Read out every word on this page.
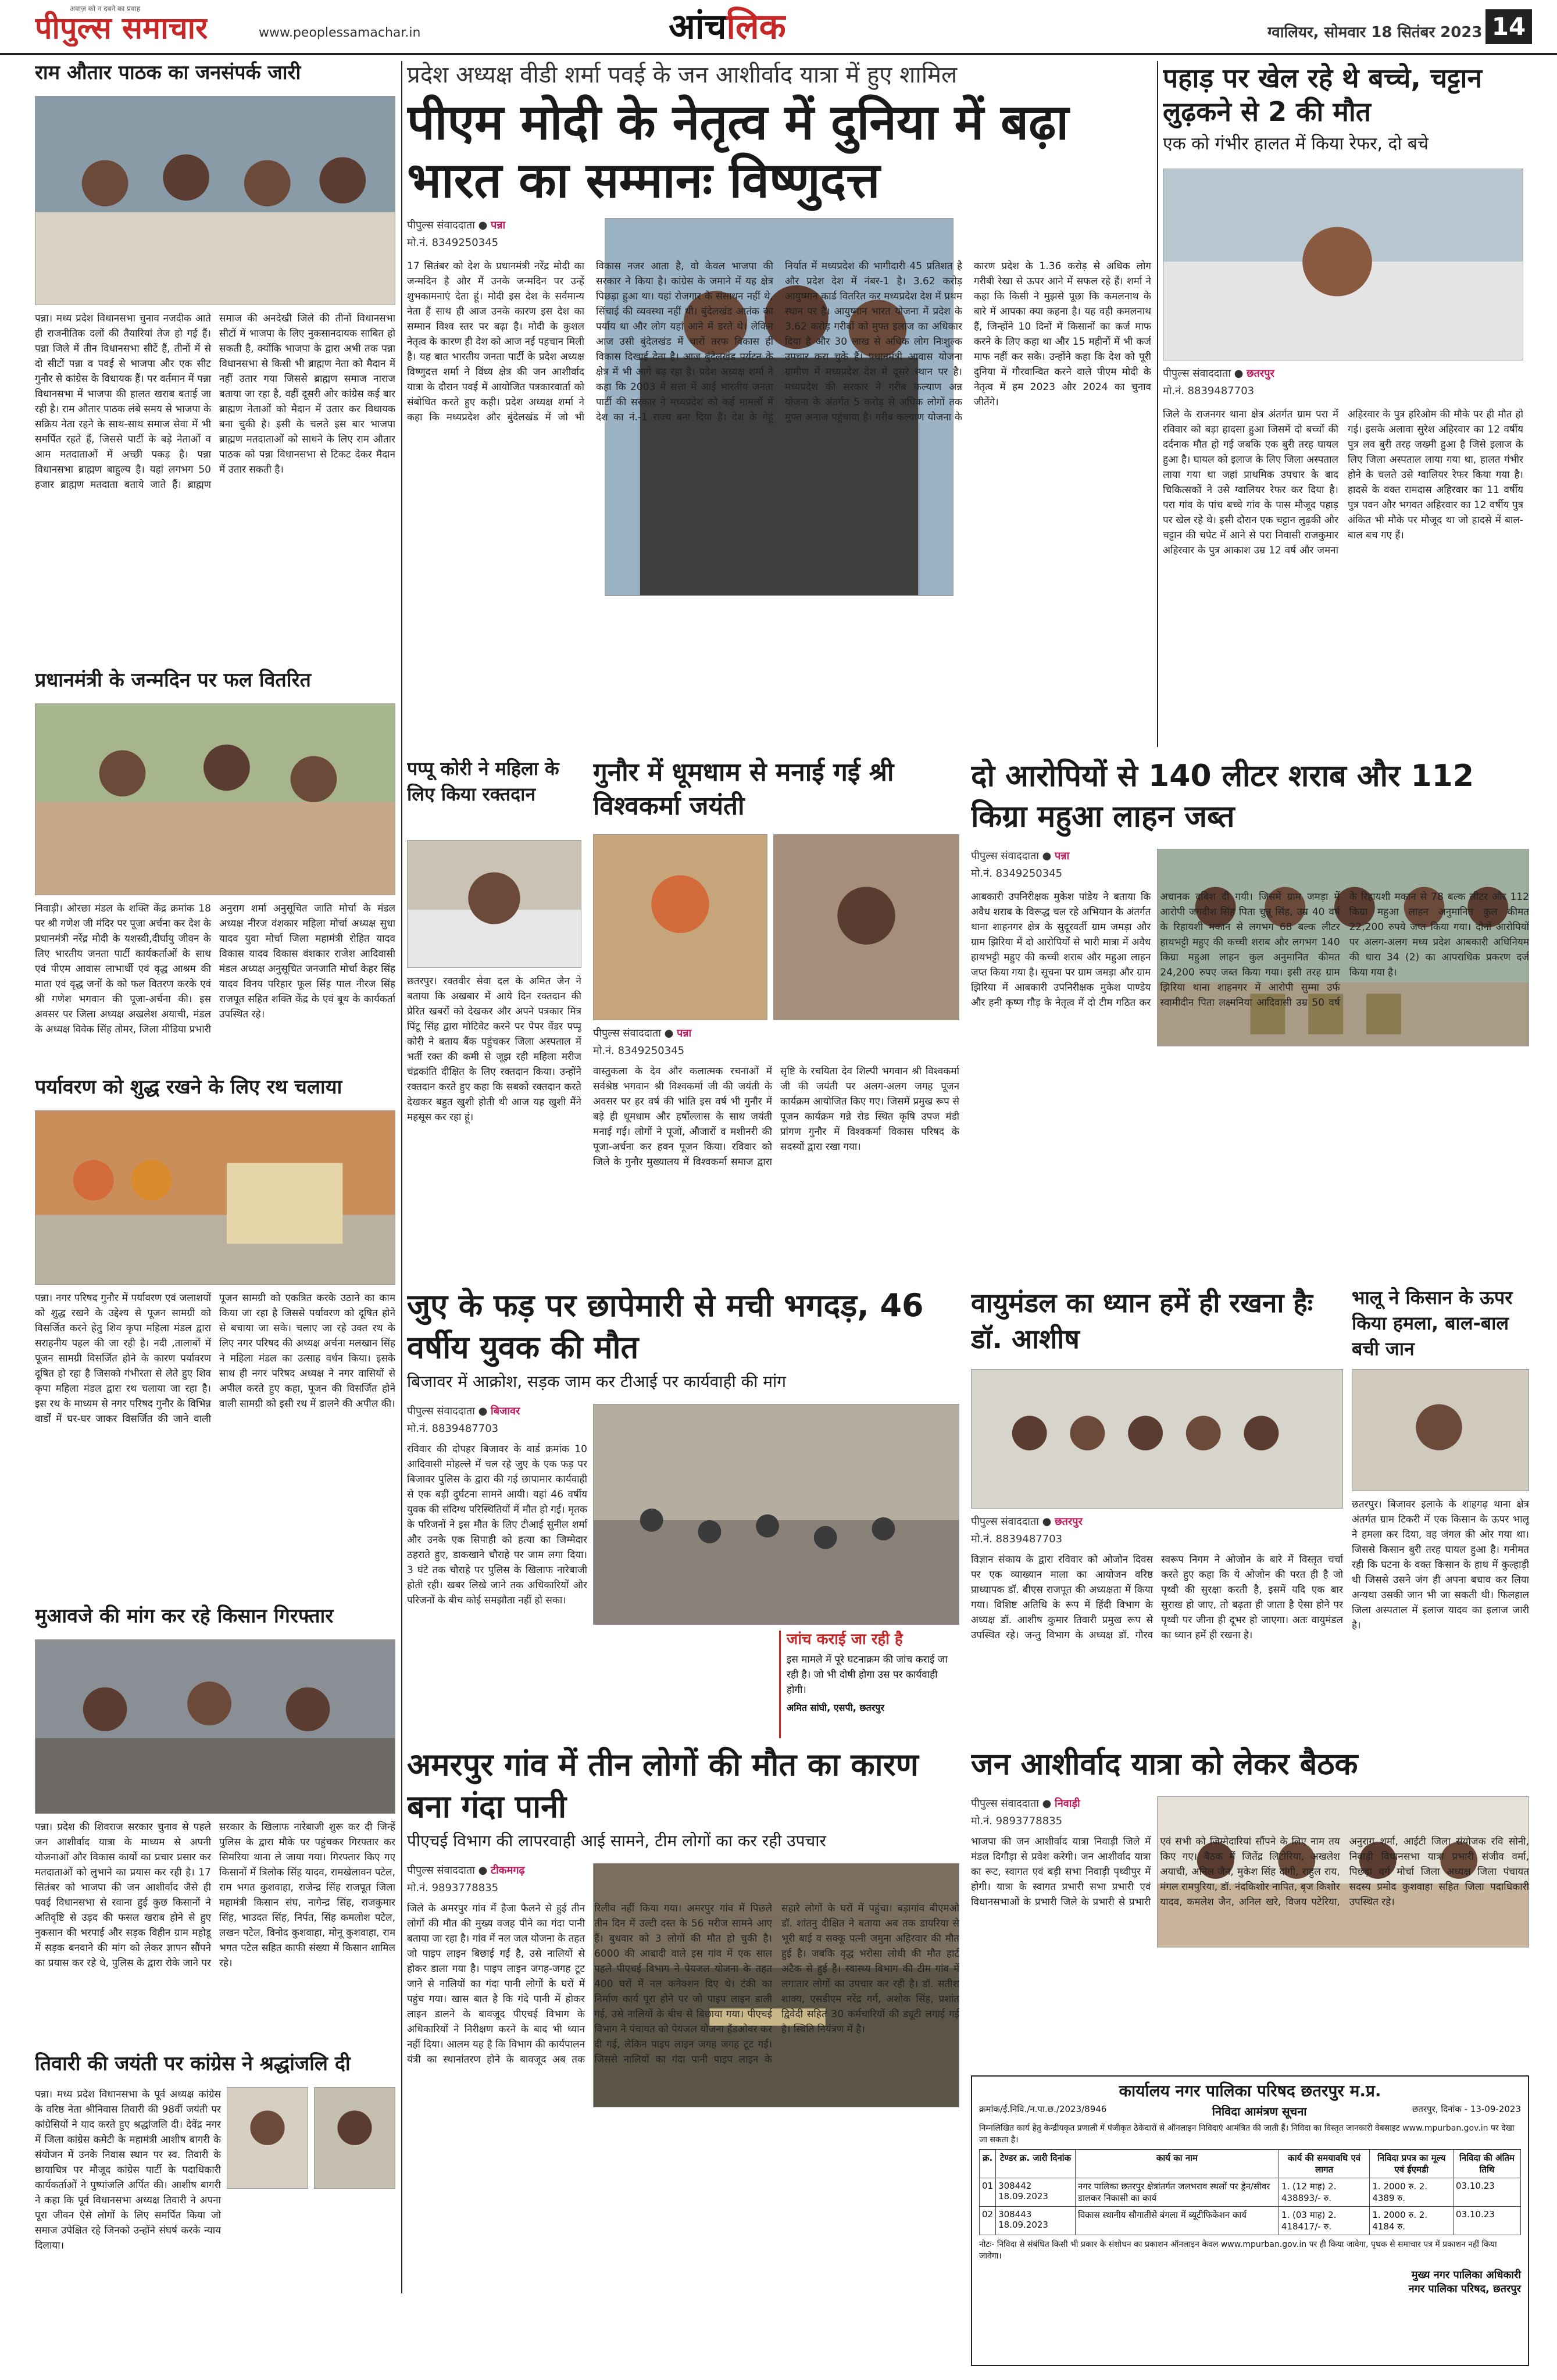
अवाज़ को न दबने का प्रवाह
पीपुल्स समाचार	www.peoplessamachar.in	आंचलिक	ग्वालियर, सोमवार 18 सितंबर 2023 14
राम औतार पाठक का जनसंपर्क जारी
पन्ना। मध्य प्रदेश विधानसभा चुनाव नजदीक आते ही राजनीतिक दलों की तैयारियां तेज हो गई हैं। पन्ना जिले में तीन विधानसभा सीटें हैं, तीनों में से दो सीटों पन्ना व पवई से भाजपा और एक सीट गुनौर से कांग्रेस के विधायक हैं। पर वर्तमान में पन्ना विधानसभा में भाजपा की हालत खराब बताई जा रही है। राम औतार पाठक लंबे समय से भाजपा के सक्रिय नेता रहने के साथ-साथ समाज सेवा में भी समर्पित रहते हैं, जिससे पार्टी के बड़े नेताओं व आम मतदाताओं में अच्छी पकड़ है। पन्ना विधानसभा ब्राह्मण बाहुल्य है। यहां लगभग 50 हजार ब्राह्मण मतदाता बताये जाते हैं। ब्राह्मण समाज की अनदेखी जिले की तीनों विधानसभा सीटों में भाजपा के लिए नुकसानदायक साबित हो सकती है, क्योंकि भाजपा के द्वारा अभी तक पन्ना विधानसभा से किसी भी ब्राह्मण नेता को मैदान में नहीं उतार गया जिससे ब्राह्मण समाज नाराज बताया जा रहा है, वहीं दूसरी ओर कांग्रेस कई बार ब्राह्मण नेताओं को मैदान में उतार कर विधायक बना चुकी है। इसी के चलते इस बार भाजपा ब्राह्मण मतदाताओं को साधने के लिए राम औतार पाठक को पन्ना विधानसभा से टिकट देकर मैदान में उतार सकती है।
प्रधानमंत्री के जन्मदिन पर फल वितरित
निवाड़ी। ओरछा मंडल के शक्ति केंद्र क्रमांक 18 पर श्री गणेश जी मंदिर पर पूजा अर्चना कर देश के प्रधानमंत्री नरेंद्र मोदी के यशस्वी,दीर्घायु जीवन के लिए भारतीय जनता पार्टी कार्यकर्ताओं के साथ एवं पीएम आवास लाभार्थी एवं वृद्ध आश्रम की माता एवं वृद्ध जनों के को फल वितरण करके एवं श्री गणेश भगवान की पूजा-अर्चना की। इस अवसर पर जिला अध्यक्ष अखलेश अयाची, मंडल के अध्यक्ष विवेक सिंह तोमर, जिला मीडिया प्रभारी अनुराग शर्मा अनुसूचित जाति मोर्चा के मंडल अध्यक्ष नीरज वंशकार महिला मोर्चा अध्यक्ष सुधा यादव युवा मोर्चा जिला महामंत्री रोहित यादव विकास यादव विकास वंशकार राजेश आदिवासी मंडल अध्यक्ष अनुसूचित जनजाति मोर्चा केहर सिंह यादव विनय परिहार फूल सिंह पाल नीरज सिंह राजपूत सहित शक्ति केंद्र के एवं बूथ के कार्यकर्ता उपस्थित रहे।
पर्यावरण को शुद्ध रखने के लिए रथ चलाया
पन्ना। नगर परिषद गुनौर में पर्यावरण एवं जलाशयों को शुद्ध रखने के उद्देश्य से पूजन सामग्री को विसर्जित करने हेतु शिव कृपा महिला मंडल द्वारा सराहनीय पहल की जा रही है। नदी ,तालाबों में पूजन सामग्री विसर्जित होने के कारण पर्यावरण दूषित हो रहा है जिसको गंभीरता से लेते हुए शिव कृपा महिला मंडल द्वारा रथ चलाया जा रहा है। इस रथ के माध्यम से नगर परिषद गुनौर के विभिन्न वार्डों में घर-घर जाकर विसर्जित की जाने वाली पूजन सामग्री को एकत्रित करके उठाने का काम किया जा रहा है जिससे पर्यावरण को दूषित होने से बचाया जा सके। चलाए जा रहे उक्त रथ के लिए नगर परिषद की अध्यक्ष अर्चना मलखान सिंह ने महिला मंडल का उत्साह वर्धन किया। इसके साथ ही नगर परिषद अध्यक्ष ने नगर वासियों से अपील करते हुए कहा, पूजन की विसर्जित होने वाली सामग्री को इसी रथ में डालने की अपील की।
मुआवजे की मांग कर रहे किसान गिरफ्तार
पन्ना। प्रदेश की शिवराज सरकार चुनाव से पहले जन आशीर्वाद यात्रा के माध्यम से अपनी योजनाओं और विकास कार्यों का प्रचार प्रसार कर मतदाताओं को लुभाने का प्रयास कर रही है। 17 सितंबर को भाजपा की जन आशीर्वाद जैसे ही पवई विधानसभा से रवाना हुई कुछ किसानों ने अतिवृष्टि से उड़द की फसल खराब होने से हुए नुकसान की भरपाई और सड़क विहीन ग्राम महोडू में सड़क बनवाने की मांग को लेकर ज्ञापन सौंपने का प्रयास कर रहे थे, पुलिस के द्वारा रोके जाने पर सरकार के खिलाफ नारेबाजी शुरू कर दी जिन्हें पुलिस के द्वारा मौके पर पहुंचकर गिरफ्तार कर सिमरिया थाना ले जाया गया। गिरफ्तार किए गए किसानों में त्रिलोक सिंह यादव, रामखेलावन पटेल, राम भगत कुशवाहा, राजेन्द्र सिंह राजपूत जिला महामंत्री किसान संघ, नागेन्द्र सिंह, राजकुमार सिंह, भाउदत सिंह, निर्पत, सिंह कमलोश पटेल, लखन पटेल, विनोद कुशवाहा, मोनू कुशवाहा, राम भगत पटेल सहित काफी संख्या में किसान शामिल रहे।
तिवारी की जयंती पर कांग्रेस ने श्रद्धांजलि दी
पन्ना। मध्य प्रदेश विधानसभा के पूर्व अध्यक्ष कांग्रेस के वरिष्ठ नेता श्रीनिवास तिवारी की 98वीं जयंती पर कांग्रेसियों ने याद करते हुए श्रद्धांजलि दी। देवेंद्र नगर में जिला कांग्रेस कमेटी के महामंत्री आशीष बागरी के संयोजन में उनके निवास स्थान पर स्व. तिवारी के छायाचित्र पर मौजूद कांग्रेस पार्टी के पदाधिकारी कार्यकर्ताओं ने पुष्पांजलि अर्पित की। आशीष बागरी ने कहा कि पूर्व विधानसभा अध्यक्ष तिवारी ने अपना पूरा जीवन ऐसे लोगों के लिए समर्पित किया जो समाज उपेक्षित रहे जिनको उन्होंने संघर्ष करके न्याय दिलाया।
प्रदेश अध्यक्ष वीडी शर्मा पवई के जन आशीर्वाद यात्रा में हुए शामिल
पीएम मोदी के नेतृत्व में दुनिया में बढ़ा भारत का सम्मानः विष्णुदत्त
पीपुल्स संवाददाता ● पन्ना
मो.नं. 8349250345
17 सितंबर को देश के प्रधानमंत्री नरेंद्र मोदी का जन्मदिन है और मैं उनके जन्मदिन पर उन्हें शुभकामनाएं देता हूं। मोदी इस देश के सर्वमान्य नेता हैं साथ ही आज उनके कारण इस देश का सम्मान विश्व स्तर पर बढ़ा है। मोदी के कुशल नेतृत्व के कारण ही देश को आज नई पहचान मिली है। यह बात भारतीय जनता पार्टी के प्रदेश अध्यक्ष विष्णुदत्त शर्मा ने विंध्य क्षेत्र की जन आशीर्वाद यात्रा के दौरान पवई में आयोजित पत्रकारवार्ता को संबोधित करते हुए कही। प्रदेश अध्यक्ष शर्मा ने कहा कि मध्यप्रदेश और बुंदेलखंड में जो भी विकास नजर आता है, वो केवल भाजपा की सरकार ने किया है। कांग्रेस के जमाने में यह क्षेत्र पिछड़ा हुआ था। यहां रोजगार के संसाधन नहीं थे, सिंचाई की व्यवस्था नहीं थी। बुंदेलखंड आतंक का पर्याय था और लोग यहां आने में डरते थे। लेकिन आज उसी बुंदेलखंड में चारों तरफ विकास ही विकास दिखाई देता है। आज बुंदेलखंड पर्यटन के क्षेत्र में भी आगे बढ़ रहा है। प्रदेश अध्यक्ष शर्मा ने कहा कि 2003 में सत्ता में आई भारतीय जनता पार्टी की सरकार ने मध्यप्रदेश को कई मामलों में देश का नं.-1 राज्य बना दिया है। देश के गेहूं निर्यात में मध्यप्रदेश की भागीदारी 45 प्रतिशत है और प्रदेश देश में नंबर-1 है। 3.62 करोड़ आयुष्मान कार्ड वितरित कर मध्यप्रदेश देश में प्रथम स्थान पर है। आयुष्मान भारत योजना में प्रदेश के 3.62 करोड़ गरीबों को मुफ्त इलाज का अधिकार दिया है और 30 लाख से अधिक लोग निःशुल्क उपचार करा चुके हैं। प्रधानमंत्री आवास योजना ग्रामीण में मध्यप्रदेश देश में दूसरे स्थान पर है। मध्यप्रदेश की सरकार ने गरीब कल्याण अन्न योजना के अंतर्गत 5 करोड़ से अधिक लोगों तक मुफ्त अनाज पहुंचाया है। गरीब कल्याण योजना के कारण प्रदेश के 1.36 करोड़ से अधिक लोग गरीबी रेखा से ऊपर आने में सफल रहे हैं। शर्मा ने कहा कि किसी ने मुझसे पूछा कि कमलनाथ के बारे में आपका क्या कहना है। यह वही कमलनाथ हैं, जिन्होंने 10 दिनों में किसानों का कर्ज माफ करने के लिए कहा था और 15 महीनों में भी कर्ज माफ नहीं कर सके। उन्होंने कहा कि देश को पूरी दुनिया में गौरवान्वित करने वाले पीएम मोदी के नेतृत्व में हम 2023 और 2024 का चुनाव जीतेंगे।
पहाड़ पर खेल रहे थे बच्चे, चट्टान लुढ़कने से 2 की मौत
एक को गंभीर हालत में किया रेफर, दो बचे
पीपुल्स संवाददाता ● छतरपुर
मो.नं. 8839487703
जिले के राजनगर थाना क्षेत्र अंतर्गत ग्राम परा में रविवार को बड़ा हादसा हुआ जिसमें दो बच्चों की दर्दनाक मौत हो गई जबकि एक बुरी तरह घायल हुआ है। घायल को इलाज के लिए जिला अस्पताल लाया गया था जहां प्राथमिक उपचार के बाद चिकित्सकों ने उसे ग्वालियर रेफर कर दिया है। परा गांव के पांच बच्चे गांव के पास मौजूद पहाड़ पर खेल रहे थे। इसी दौरान एक चट्टान लुढ़की और चट्टान की चपेट में आने से परा निवासी राजकुमार अहिरवार के पुत्र आकाश उम्र 12 वर्ष और जमना अहिरवार के पुत्र हरिओम की मौके पर ही मौत हो गई। इसके अलावा सुरेश अहिरवार का 12 वर्षीय पुत्र लव बुरी तरह जख्मी हुआ है जिसे इलाज के लिए जिला अस्पताल लाया गया था, हालत गंभीर होने के चलते उसे ग्वालियर रेफर किया गया है। हादसे के वक्त रामदास अहिरवार का 11 वर्षीय पुत्र पवन और भगवत अहिरवार का 12 वर्षीय पुत्र अंकित भी मौके पर मौजूद था जो हादसे में बाल-बाल बच गए हैं।
पप्पू कोरी ने महिला के लिए किया रक्तदान
छतरपुर। रक्तवीर सेवा दल के अमित जैन ने बताया कि अखबार में आये दिन रक्तदान की प्रेरित खबरों को देखकर और अपने पत्रकार मित्र पिंटू सिंह द्वारा मोटिवेट करने पर पेपर वेंडर पप्पू कोरी ने बताय बैंक पहुंचकर जिला अस्पताल में भर्ती रक्त की कमी से जूझ रही महिला मरीज चंद्रकांति दीक्षित के लिए रक्तदान किया। उन्होंने रक्तदान करते हुए कहा कि सबको रक्तदान करते देखकर बहुत खुशी होती थी आज यह खुशी मैंने महसूस कर रहा हूं।
गुनौर में धूमधाम से मनाई गई श्री विश्वकर्मा जयंती
पीपुल्स संवाददाता ● पन्ना
मो.नं. 8349250345
वास्तुकला के देव और कलात्मक रचनाओं में सर्वश्रेष्ठ भगवान श्री विश्वकर्मा जी की जयंती के अवसर पर हर वर्ष की भांति इस वर्ष भी गुनौर में बड़े ही धूमधाम और हर्षोल्लास के साथ जयंती मनाई गई। लोगों ने पूजों, औजारों व मशीनरी की पूजा-अर्चना कर हवन पूजन किया। रविवार को जिले के गुनौर मुख्यालय में विश्वकर्मा समाज द्वारा सृष्टि के रचयिता देव शिल्पी भगवान श्री विश्वकर्मा जी की जयंती पर अलग-अलग जगह पूजन कार्यक्रम आयोजित किए गए। जिसमें प्रमुख रूप से पूजन कार्यक्रम गन्ने रोड स्थित कृषि उपज मंडी प्रांगण गुनौर में विश्वकर्मा विकास परिषद के सदस्यों द्वारा रखा गया।
दो आरोपियों से 140 लीटर शराब और 112 किग्रा महुआ लाहन जब्त
पीपुल्स संवाददाता ● पन्ना
मो.नं. 8349250345
आबकारी उपनिरीक्षक मुकेश पांडेय ने बताया कि अवैध शराब के विरूद्ध चल रहे अभियान के अंतर्गत थाना शाहनगर क्षेत्र के सुदूरवर्ती ग्राम जमड़ा और ग्राम झिरिया में दो आरोपियों से भारी मात्रा में अवैध हाथभट्टी महुए की कच्ची शराब और महुआ लाहन जप्त किया गया है। सूचना पर ग्राम जमड़ा और ग्राम झिरिया में आबकारी उपनिरीक्षक मुकेश पाण्डेय और हनी कृष्ण गौड़ के नेतृत्व में दो टीम गठित कर अचानक दबिश दी गयी। जिसमें ग्राम जमड़ा में आरोपी जगदीश सिंह पिता चुन्नू सिंह, उम्र 40 वर्ष के रिहायशी मकान से लगभग 68 बल्क लीटर हाथभट्टी महुए की कच्ची शराब और लगभग 140 किग्रा महुआ लाहन कुल अनुमानित कीमत 24,200 रुपए जब्त किया गया। इसी तरह ग्राम झिरिया थाना शाहनगर में आरोपी सुम्मा उर्फ स्वामीदीन पिता लक्ष्मनिया आदिवासी उम्र 50 वर्ष के रिहायशी मकान से 78 बल्क लीटर और 112 किग्रा महुआ लाहन अनुमानित कुल कीमत 22,200 रुपये जप्त किया गया। दोनों आरोपियों पर अलग-अलग मध्य प्रदेश आबकारी अधिनियम की धारा 34 (2) का आपराधिक प्रकरण दर्ज किया गया है।
जुए के फड़ पर छापेमारी से मची भगदड़, 46 वर्षीय युवक की मौत
बिजावर में आक्रोश, सड़क जाम कर टीआई पर कार्यवाही की मांग
पीपुल्स संवाददाता ● बिजावर
मो.नं. 8839487703
रविवार की दोपहर बिजावर के वार्ड क्रमांक 10 आदिवासी मोहल्ले में चल रहे जुए के एक फड़ पर बिजावर पुलिस के द्वारा की गई छापामार कार्यवाही से एक बड़ी दुर्घटना सामने आयी। यहां 46 वर्षीय युवक की संदिग्ध परिस्थितियों में मौत हो गई। मृतक के परिजनों ने इस मौत के लिए टीआई सुनील शर्मा और उनके एक सिपाही को हत्या का जिम्मेदार ठहराते हुए, डाकखाने चौराहे पर जाम लगा दिया। 3 घंटे तक चौराहे पर पुलिस के खिलाफ नारेबाजी होती रही। खबर लिखे जाने तक अधिकारियों और परिजनों के बीच कोई समझौता नहीं हो सका।
जांच कराई जा रही है
इस मामले में पूरे घटनाक्रम की जांच कराई जा रही है। जो भी दोषी होगा उस पर कार्यवाही होगी।
अमित सांघी, एसपी, छतरपुर
वायुमंडल का ध्यान हमें ही रखना हैः डॉ. आशीष
पीपुल्स संवाददाता ● छतरपुर
मो.नं. 8839487703
विज्ञान संकाय के द्वारा रविवार को ओजोन दिवस पर एक व्याख्यान माला का आयोजन वरिष्ठ प्राध्यापक डॉ. बीएस राजपूत की अध्यक्षता में किया गया। विशिष्ट अतिथि के रूप में हिंदी विभाग के अध्यक्ष डॉ. आशीष कुमार तिवारी प्रमुख रूप से उपस्थित रहे। जन्तु विभाग के अध्यक्ष डॉ. गौरव स्वरूप निगम ने ओजोन के बारे में विस्तृत चर्चा करते हुए कहा कि ये ओजोन की परत ही है जो पृथ्वी की सुरक्षा करती है, इसमें यदि एक बार सुराख हो जाए, तो बढ़ता ही जाता है ऐसा होने पर पृथ्वी पर जीना ही दूभर हो जाएगा। अतः वायुमंडल का ध्यान हमें ही रखना है।
भालू ने किसान के ऊपर किया हमला, बाल-बाल बची जान
छतरपुर। बिजावर इलाके के शाहगढ़ थाना क्षेत्र अंतर्गत ग्राम टिकरी में एक किसान के ऊपर भालू ने हमला कर दिया, वह जंगल की ओर गया था। जिससे किसान बुरी तरह घायल हुआ है। गनीमत रही कि घटना के वक्त किसान के हाथ में कुल्हाड़ी थी जिससे उसने जंग ही अपना बचाव कर लिया अन्यथा उसकी जान भी जा सकती थी। फिलहाल जिला अस्पताल में इलाज यादव का इलाज जारी है।
अमरपुर गांव में तीन लोगों की मौत का कारण बना गंदा पानी
पीएचई विभाग की लापरवाही आई सामने, टीम लोगों का कर रही उपचार
पीपुल्स संवाददाता ● टीकमगढ़
मो.नं. 9893778835
जिले के अमरपुर गांव में हैजा फैलने से हुई तीन लोगों की मौत की मुख्य वजह पीने का गंदा पानी बताया जा रहा है। गांव में नल जल योजना के तहत जो पाइप लाइन बिछाई गई है, उसे नालियों से होकर डाला गया है। पाइप लाइन जगह-जगह टूट जाने से नालियों का गंदा पानी लोगों के घरों में पहुंच गया। खास बात है कि गंदे पानी में होकर लाइन डालने के बावजूद पीएचई विभाग के अधिकारियों ने निरीक्षण करने के बाद भी ध्यान नहीं दिया। आलम यह है कि विभाग की कार्यपालन यंत्री का स्थानांतरण होने के बावजूद अब तक रिलीव नहीं किया गया। अमरपुर गांव में पिछले तीन दिन में उल्टी दस्त के 56 मरीज सामने आए हैं। बुधवार को 3 लोगों की मौत हो चुकी है। 6000 की आबादी वाले इस गांव में एक साल पहले पीएचई विभाग ने पेयजल योजना के तहत 400 घरों में नल कनेक्शन दिए थे। टंकी का निर्माण कार्य पूरा होने पर जो पाइप लाइन डाली गई, उसे नालियों के बीच से बिछाया गया। पीएचई विभाग ने पंचायत को पेयजल योजना हैंडओवर कर दी गई, लेकिन पाइप लाइन जगह जगह टूट गई। जिससे नालियों का गंदा पानी पाइप लाइन के सहारे लोगों के घरों में पहुंचा। बड़ागांव बीएमओ डॉ. शांतनु दीक्षित ने बताया अब तक डायरिया से भूरी बाई व सक्कू पत्नी जमुना अहिरवार की मौत हुई है। जबकि वृद्ध भरोसा लोधी की मौत हार्ट अटैक से हुई है। स्वास्थ्य विभाग की टीम गांव में लगातार लोगों का उपचार कर रही है। डॉ. सतीश शाक्य, एसडीएम नरेंद्र गर्ग, अशोक सिंह, प्रशांत द्विवेदी सहित 30 कर्मचारियों की ड्यूटी लगाई गई है। स्थिति नियंत्रण में है।
जन आशीर्वाद यात्रा को लेकर बैठक
पीपुल्स संवाददाता ● निवाड़ी
मो.नं. 9893778835
भाजपा की जन आशीर्वाद यात्रा निवाड़ी जिले में मंडल दिगौड़ा से प्रवेश करेगी। जन आशीर्वाद यात्रा का रूट, स्वागत एवं बड़ी सभा निवाड़ी पृथ्वीपुर में होगी। यात्रा के स्वागत प्रभारी सभा प्रभारी एवं विधानसभाओं के प्रभारी जिले के प्रभारी से प्रभारी एवं सभी को जिम्मेदारियां सौंपने के लिए नाम तय किए गए। बैठक में जितेंद्र लिटोरिया, अखलेश अयाची, अनिल जैन, मुकेश सिंह दांगी, राहुल राय, मंगल रामपुरिया, डॉ. नंदकिशोर नापित, बृज किशोर यादव, कमलेश जैन, अनिल खरे, विजय पटेरिया, अनुराग शर्मा, आईटी जिला संयोजक रवि सोनी, निवाड़ी विधानसभा यात्रा प्रभारी संजीव वर्मा, पिछड़ा वर्ग मोर्चा जिला अध्यक्ष जिला पंचायत सदस्य प्रमोद कुशवाहा सहित जिला पदाधिकारी उपस्थित रहे।
कार्यालय नगर पालिका परिषद छतरपुर म.प्र.
क्रमांक/ई.निवि./न.पा.छ./2023/8946	निविदा आमंत्रण सूचना	छतरपुर, दिनांक - 13-09-2023
निम्नलिखित कार्य हेतु केन्द्रीयकृत प्रणाली में पंजीकृत ठेकेदारों से ऑनलाइन निविदाएं आमंत्रित की जाती हैं। निविदा का विस्तृत जानकारी वेबसाइट www.mpurban.gov.in पर देखा जा सकता है।
क्र.	टेण्डर क्र. जारी दिनांक	कार्य का नाम	कार्य की समयावधि एवं लागत	निविदा प्रपत्र का मूल्य एवं ईएमडी	निविदा की अंतिम तिथि
01	308442 18.09.2023	नगर पालिका छतरपुर क्षेत्रांतर्गत जलभराव स्थलों पर ड्रेन/सीवर डालकर निकासी का कार्य	1. (12 माह) 2. 438893/- रु.	1. 2000 रु. 2. 4389 रु.	03.10.23
02	308443 18.09.2023	विकास स्थानीय सौगातीसे बंगला में ब्यूटीफिकेशन कार्य	1. (03 माह) 2. 418417/- रु.	1. 2000 रु. 2. 4184 रु.	03.10.23
नोटः- निविदा से संबंधित किसी भी प्रकार के संशोधन का प्रकाशन ऑनलाइन केवल www.mpurban.gov.in पर ही किया जावेगा, पृथक से समाचार पत्र में प्रकाशन नहीं किया जावेगा।
मुख्य नगर पालिका अधिकारी
नगर पालिका परिषद, छतरपुर
